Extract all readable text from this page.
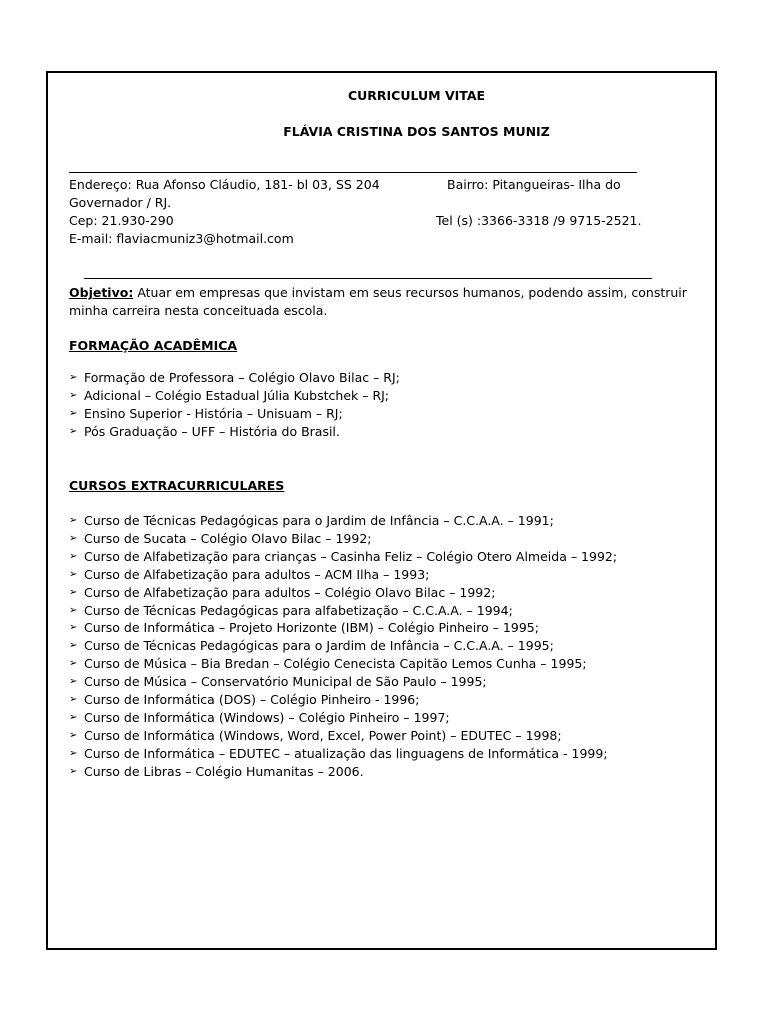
CURRICULUM VITAE
FLÁVIA CRISTINA DOS SANTOS MUNIZ
Endereço: Rua Afonso Cláudio, 181- bl 03, SS 204	Bairro: Pitangueiras- Ilha do
Governador / RJ.
Cep: 21.930-290	Tel (s) :3366-3318 /9 9715-2521.
E-mail: flaviacmuniz3@hotmail.com
Objetivo: Atuar em empresas que invistam em seus recursos humanos, podendo assim, construir
minha carreira nesta conceituada escola.
FORMAÇÃO ACADÊMICA
➢ Formação de Professora – Colégio Olavo Bilac – RJ;
➢ Adicional – Colégio Estadual Júlia Kubstchek – RJ;
➢ Ensino Superior - História – Unisuam – RJ;
➢ Pós Graduação – UFF – História do Brasil.
CURSOS EXTRACURRICULARES
➢ Curso de Técnicas Pedagógicas para o Jardim de Infância – C.C.A.A. – 1991;
➢ Curso de Sucata – Colégio Olavo Bilac – 1992;
➢ Curso de Alfabetização para crianças – Casinha Feliz – Colégio Otero Almeida – 1992;
➢ Curso de Alfabetização para adultos – ACM Ilha – 1993;
➢ Curso de Alfabetização para adultos – Colégio Olavo Bilac – 1992;
➢ Curso de Técnicas Pedagógicas para alfabetização – C.C.A.A. – 1994;
➢ Curso de Informática – Projeto Horizonte (IBM) – Colégio Pinheiro – 1995;
➢ Curso de Técnicas Pedagógicas para o Jardim de Infância – C.C.A.A. – 1995;
➢ Curso de Música – Bia Bredan – Colégio Cenecista Capitão Lemos Cunha – 1995;
➢ Curso de Música – Conservatório Municipal de São Paulo – 1995;
➢ Curso de Informática (DOS) – Colégio Pinheiro - 1996;
➢ Curso de Informática (Windows) – Colégio Pinheiro – 1997;
➢ Curso de Informática (Windows, Word, Excel, Power Point) – EDUTEC – 1998;
➢ Curso de Informática – EDUTEC – atualização das linguagens de Informática - 1999;
➢ Curso de Libras – Colégio Humanitas – 2006.
